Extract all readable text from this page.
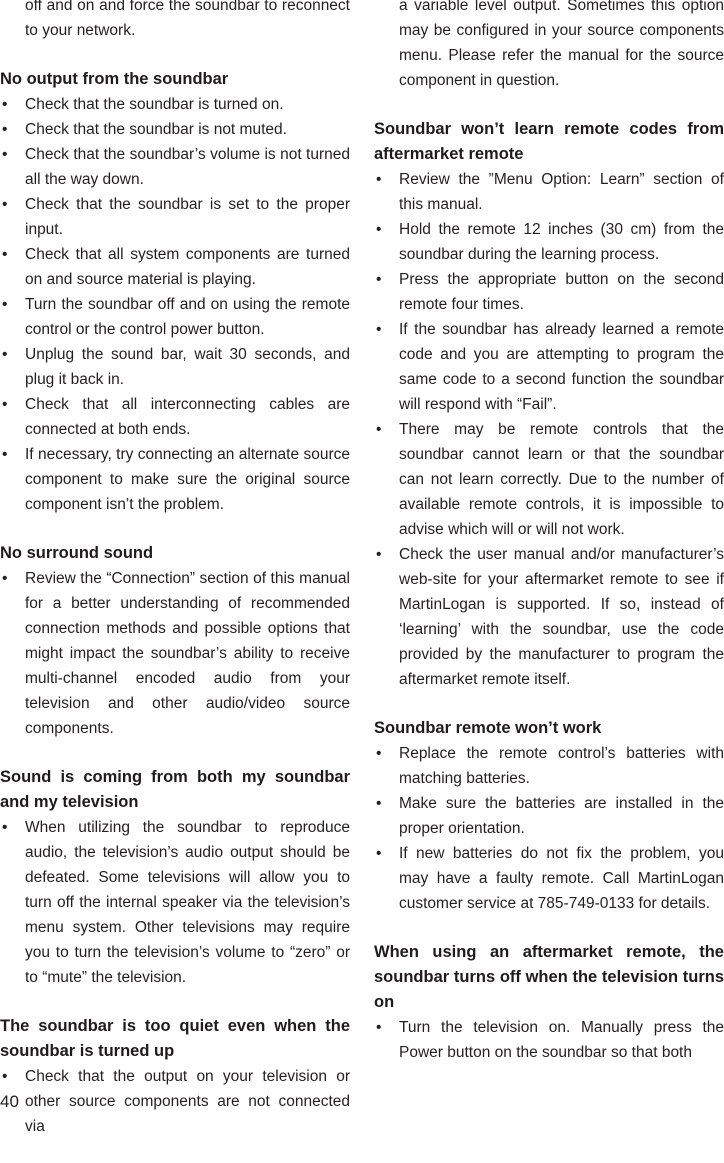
off and on and force the soundbar to reconnect to your network.

No output from the soundbar
• Check that the soundbar is turned on.
• Check that the soundbar is not muted.
• Check that the soundbar’s volume is not turned all the way down.
• Check that the soundbar is set to the proper input.
• Check that all system components are turned on and source material is playing.
• Turn the soundbar off and on using the remote control or the control power button.
• Unplug the sound bar, wait 30 seconds, and plug it back in.
• Check that all interconnecting cables are connected at both ends.
• If necessary, try connecting an alternate source component to make sure the original source component isn’t the problem.
No surround sound
• Review the “Connection” section of this manual for a better understanding of recommended connection methods and possible options that might impact the soundbar’s ability to receive multi-channel encoded audio from your television and other audio/video source components.
Sound is coming from both my soundbar and my television
• When utilizing the soundbar to reproduce audio, the television’s audio output should be defeated. Some televisions will allow you to turn off the internal speaker via the television’s menu system. Other televisions may require you to turn the television’s volume to “zero” or to “mute” the television.
The soundbar is too quiet even when the soundbar is turned up
• Check that the output on your television or other source components are not connected via

a variable level output. Sometimes this option may be configured in your source components menu. Please refer the manual for the source component in question.

Soundbar won’t learn remote codes from aftermarket remote
• Review the ”Menu Option: Learn” section of this manual.
• Hold the remote 12 inches (30 cm) from the soundbar during the learning process.
• Press the appropriate button on the second remote four times.
• If the soundbar has already learned a remote code and you are attempting to program the same code to a second function the soundbar will respond with “Fail”.
• There may be remote controls that the soundbar cannot learn or that the soundbar can not learn correctly. Due to the number of available remote controls, it is impossible to advise which will or will not work.
• Check the user manual and/or manufacturer’s web-site for your aftermarket remote to see if MartinLogan is supported. If so, instead of ‘learning’ with the soundbar, use the code provided by the manufacturer to program the aftermarket remote itself.
Soundbar remote won’t work
• Replace the remote control’s batteries with matching batteries.
• Make sure the batteries are installed in the proper orientation.
• If new batteries do not fix the problem, you may have a faulty remote. Call MartinLogan customer service at 785-749-0133 for details.
When using an aftermarket remote, the soundbar turns off when the television turns on
• Turn the television on. Manually press the Power button on the soundbar so that both
40
